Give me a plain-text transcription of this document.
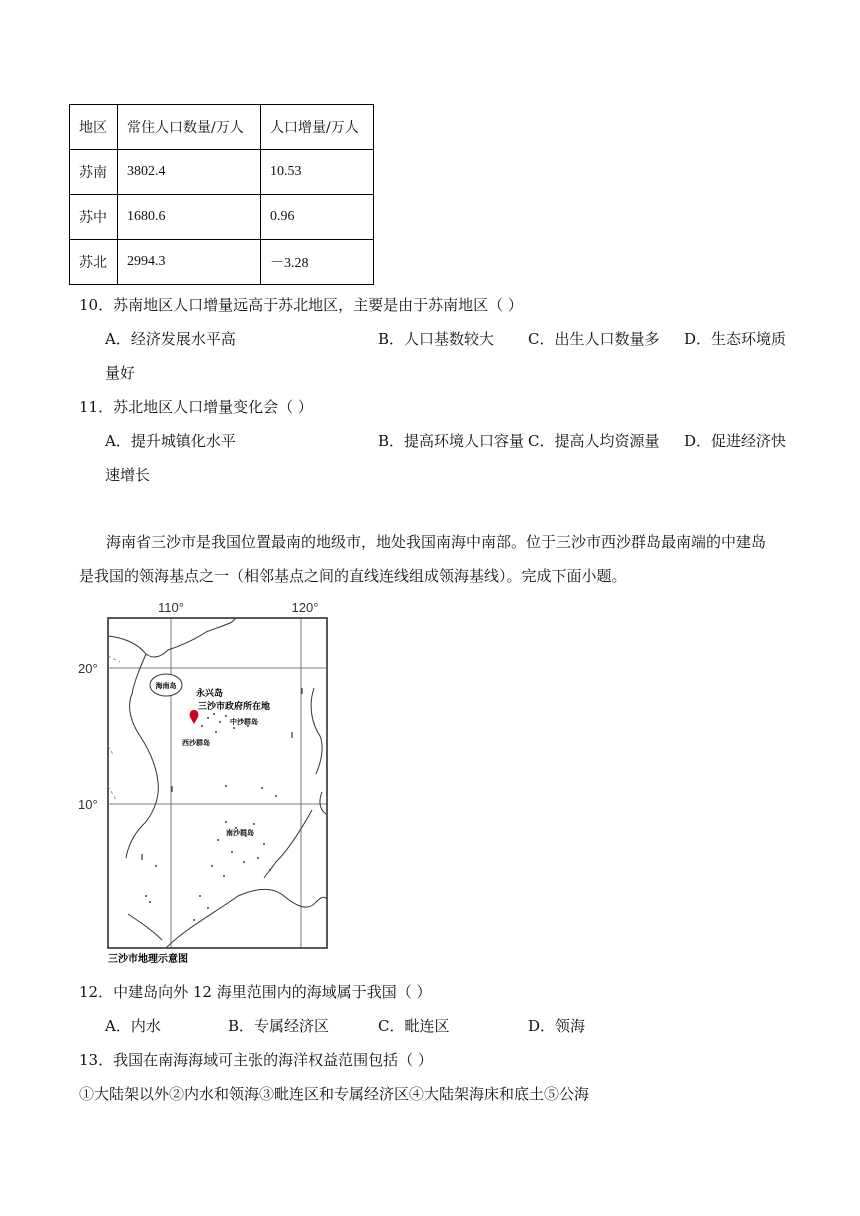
地区	常住人口数量/万人	人口增量/万人
苏南	3802.4	10.53
苏中	1680.6	0.96
苏北	2994.3	－3.28
10．苏南地区人口增量远高于苏北地区，主要是由于苏南地区（ ）
A．经济发展水平高	B．人口基数较大 C．出生人口数量多 D．生态环境质
量好
11．苏北地区人口增量变化会（ ）
A．提升城镇化水平	B．提高环境人口容量 C．提高人均资源量 D．促进经济快
速增长
海南省三沙市是我国位置最南的地级市，地处我国南海中南部。位于三沙市西沙群岛最南端的中建岛
是我国的领海基点之一（相邻基点之间的直线连线组成领海基线）。完成下面小题。
海南岛
永兴岛
三沙市政府所在地
中沙群岛
西沙群岛
南沙群岛
110°	120°
20°
10°
三沙市地理示意图
12．中建岛向外 12 海里范围内的海域属于我国（ ）
A．内水	B．专属经济区	C．毗连区	D．领海
13．我国在南海海域可主张的海洋权益范围包括（ ）
①大陆架以外②内水和领海③毗连区和专属经济区④大陆架海床和底土⑤公海
